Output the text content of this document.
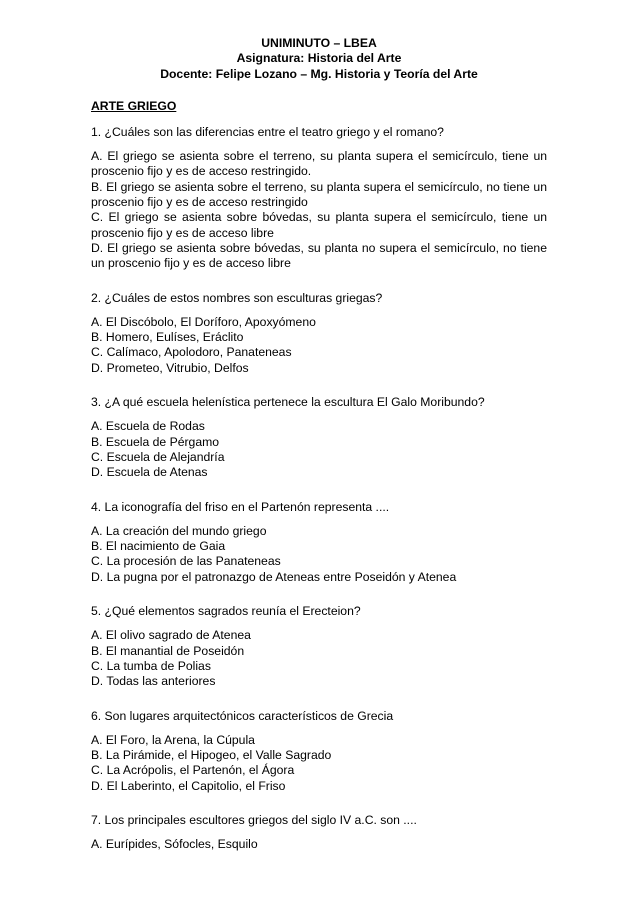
UNIMINUTO – LBEA
Asignatura: Historia del Arte
Docente: Felipe Lozano – Mg. Historia y Teoría del Arte
ARTE GRIEGO
1. ¿Cuáles son las diferencias entre el teatro griego y el romano?
A. El griego se asienta sobre el terreno, su planta supera el semicírculo, tiene un proscenio fijo y es de acceso restringido.
B. El griego se asienta sobre el terreno, su planta supera el semicírculo, no tiene un proscenio fijo y es de acceso restringido
C. El griego se asienta sobre bóvedas, su planta supera el semicírculo, tiene un proscenio fijo y es de acceso libre
D. El griego se asienta sobre bóvedas, su planta no supera el semicírculo, no tiene un proscenio fijo y es de acceso libre
2. ¿Cuáles de estos nombres son esculturas griegas?
A. El Discóbolo, El Doríforo, Apoxyómeno
B. Homero, Eulíses, Eráclito
C. Calímaco, Apolodoro, Panateneas
D. Prometeo, Vitrubio, Delfos
3. ¿A qué escuela helenística pertenece la escultura El Galo Moribundo?
A. Escuela de Rodas
B. Escuela de Pérgamo
C. Escuela de Alejandría
D. Escuela de Atenas
4. La iconografía del friso en el Partenón representa ....
A. La creación del mundo griego
B. El nacimiento de Gaia
C. La procesión de las Panateneas
D. La pugna por el patronazgo de Ateneas entre Poseidón y Atenea
5. ¿Qué elementos sagrados reunía el Erecteion?
A. El olivo sagrado de Atenea
B. El manantial de Poseidón
C. La tumba de Polias
D. Todas las anteriores
6. Son lugares arquitectónicos característicos de Grecia
A. El Foro, la Arena, la Cúpula
B. La Pirámide, el Hipogeo, el Valle Sagrado
C. La Acrópolis, el Partenón, el Ágora
D. El Laberinto, el Capitolio, el Friso
7. Los principales escultores griegos del siglo IV a.C. son ....
A. Eurípides, Sófocles, Esquilo
